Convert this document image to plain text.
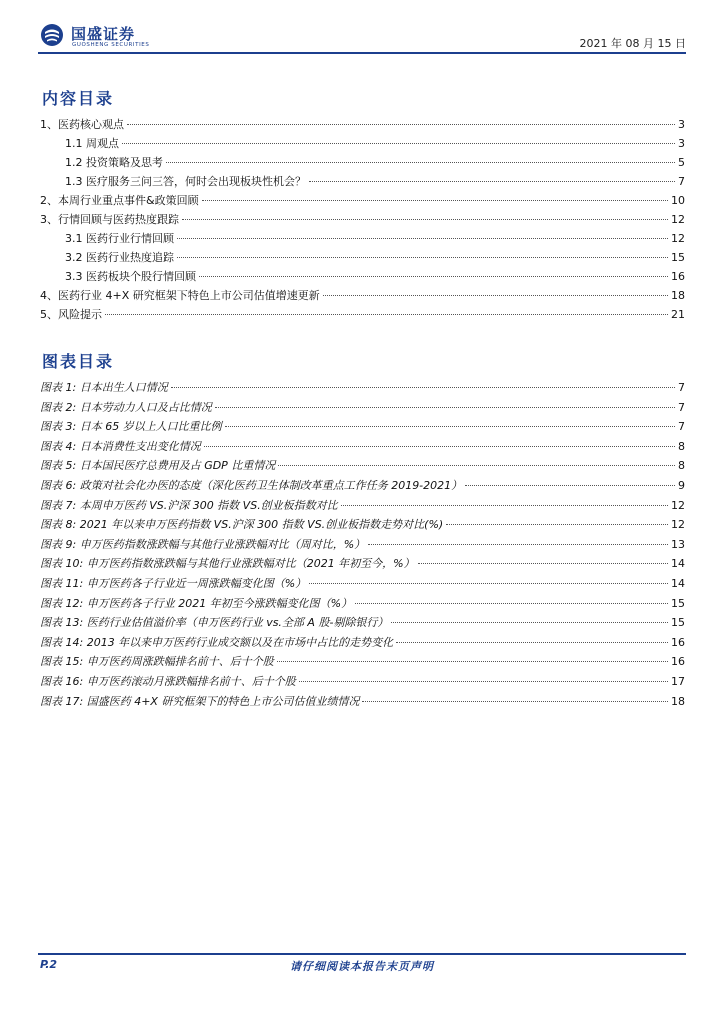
国盛证券
GUOSHENG SECURITIES	2021 年 08 月 15 日
内容目录
1、医药核心观点	3
1.1 周观点	3
1.2 投资策略及思考	5
1.3 医疗服务三问三答，何时会出现板块性机会？	7
2、本周行业重点事件&政策回顾	10
3、行情回顾与医药热度跟踪	12
3.1 医药行业行情回顾	12
3.2 医药行业热度追踪	15
3.3 医药板块个股行情回顾	16
4、医药行业 4+X 研究框架下特色上市公司估值增速更新	18
5、风险提示	21
图表目录
图表 1: 日本出生人口情况	7
图表 2: 日本劳动力人口及占比情况	7
图表 3: 日本 65 岁以上人口比重比例	7
图表 4: 日本消费性支出变化情况	8
图表 5: 日本国民医疗总费用及占 GDP 比重情况	8
图表 6: 政策对社会化办医的态度（深化医药卫生体制改革重点工作任务 2019-2021）	9
图表 7: 本周申万医药 VS.沪深 300 指数 VS.创业板指数对比	12
图表 8: 2021 年以来申万医药指数 VS.沪深 300 指数 VS.创业板指数走势对比(%)	12
图表 9: 申万医药指数涨跌幅与其他行业涨跌幅对比（周对比，%）	13
图表 10: 申万医药指数涨跌幅与其他行业涨跌幅对比（2021 年初至今，%）	14
图表 11: 申万医药各子行业近一周涨跌幅变化图（%）	14
图表 12: 申万医药各子行业 2021 年初至今涨跌幅变化图（%）	15
图表 13: 医药行业估值溢价率（申万医药行业 vs.全部 A 股-剔除银行）	15
图表 14: 2013 年以来申万医药行业成交额以及在市场中占比的走势变化	16
图表 15: 申万医药周涨跌幅排名前十、后十个股	16
图表 16: 申万医药滚动月涨跌幅排名前十、后十个股	17
图表 17: 国盛医药 4+X 研究框架下的特色上市公司估值业绩情况	18
P.2	请仔细阅读本报告末页声明
